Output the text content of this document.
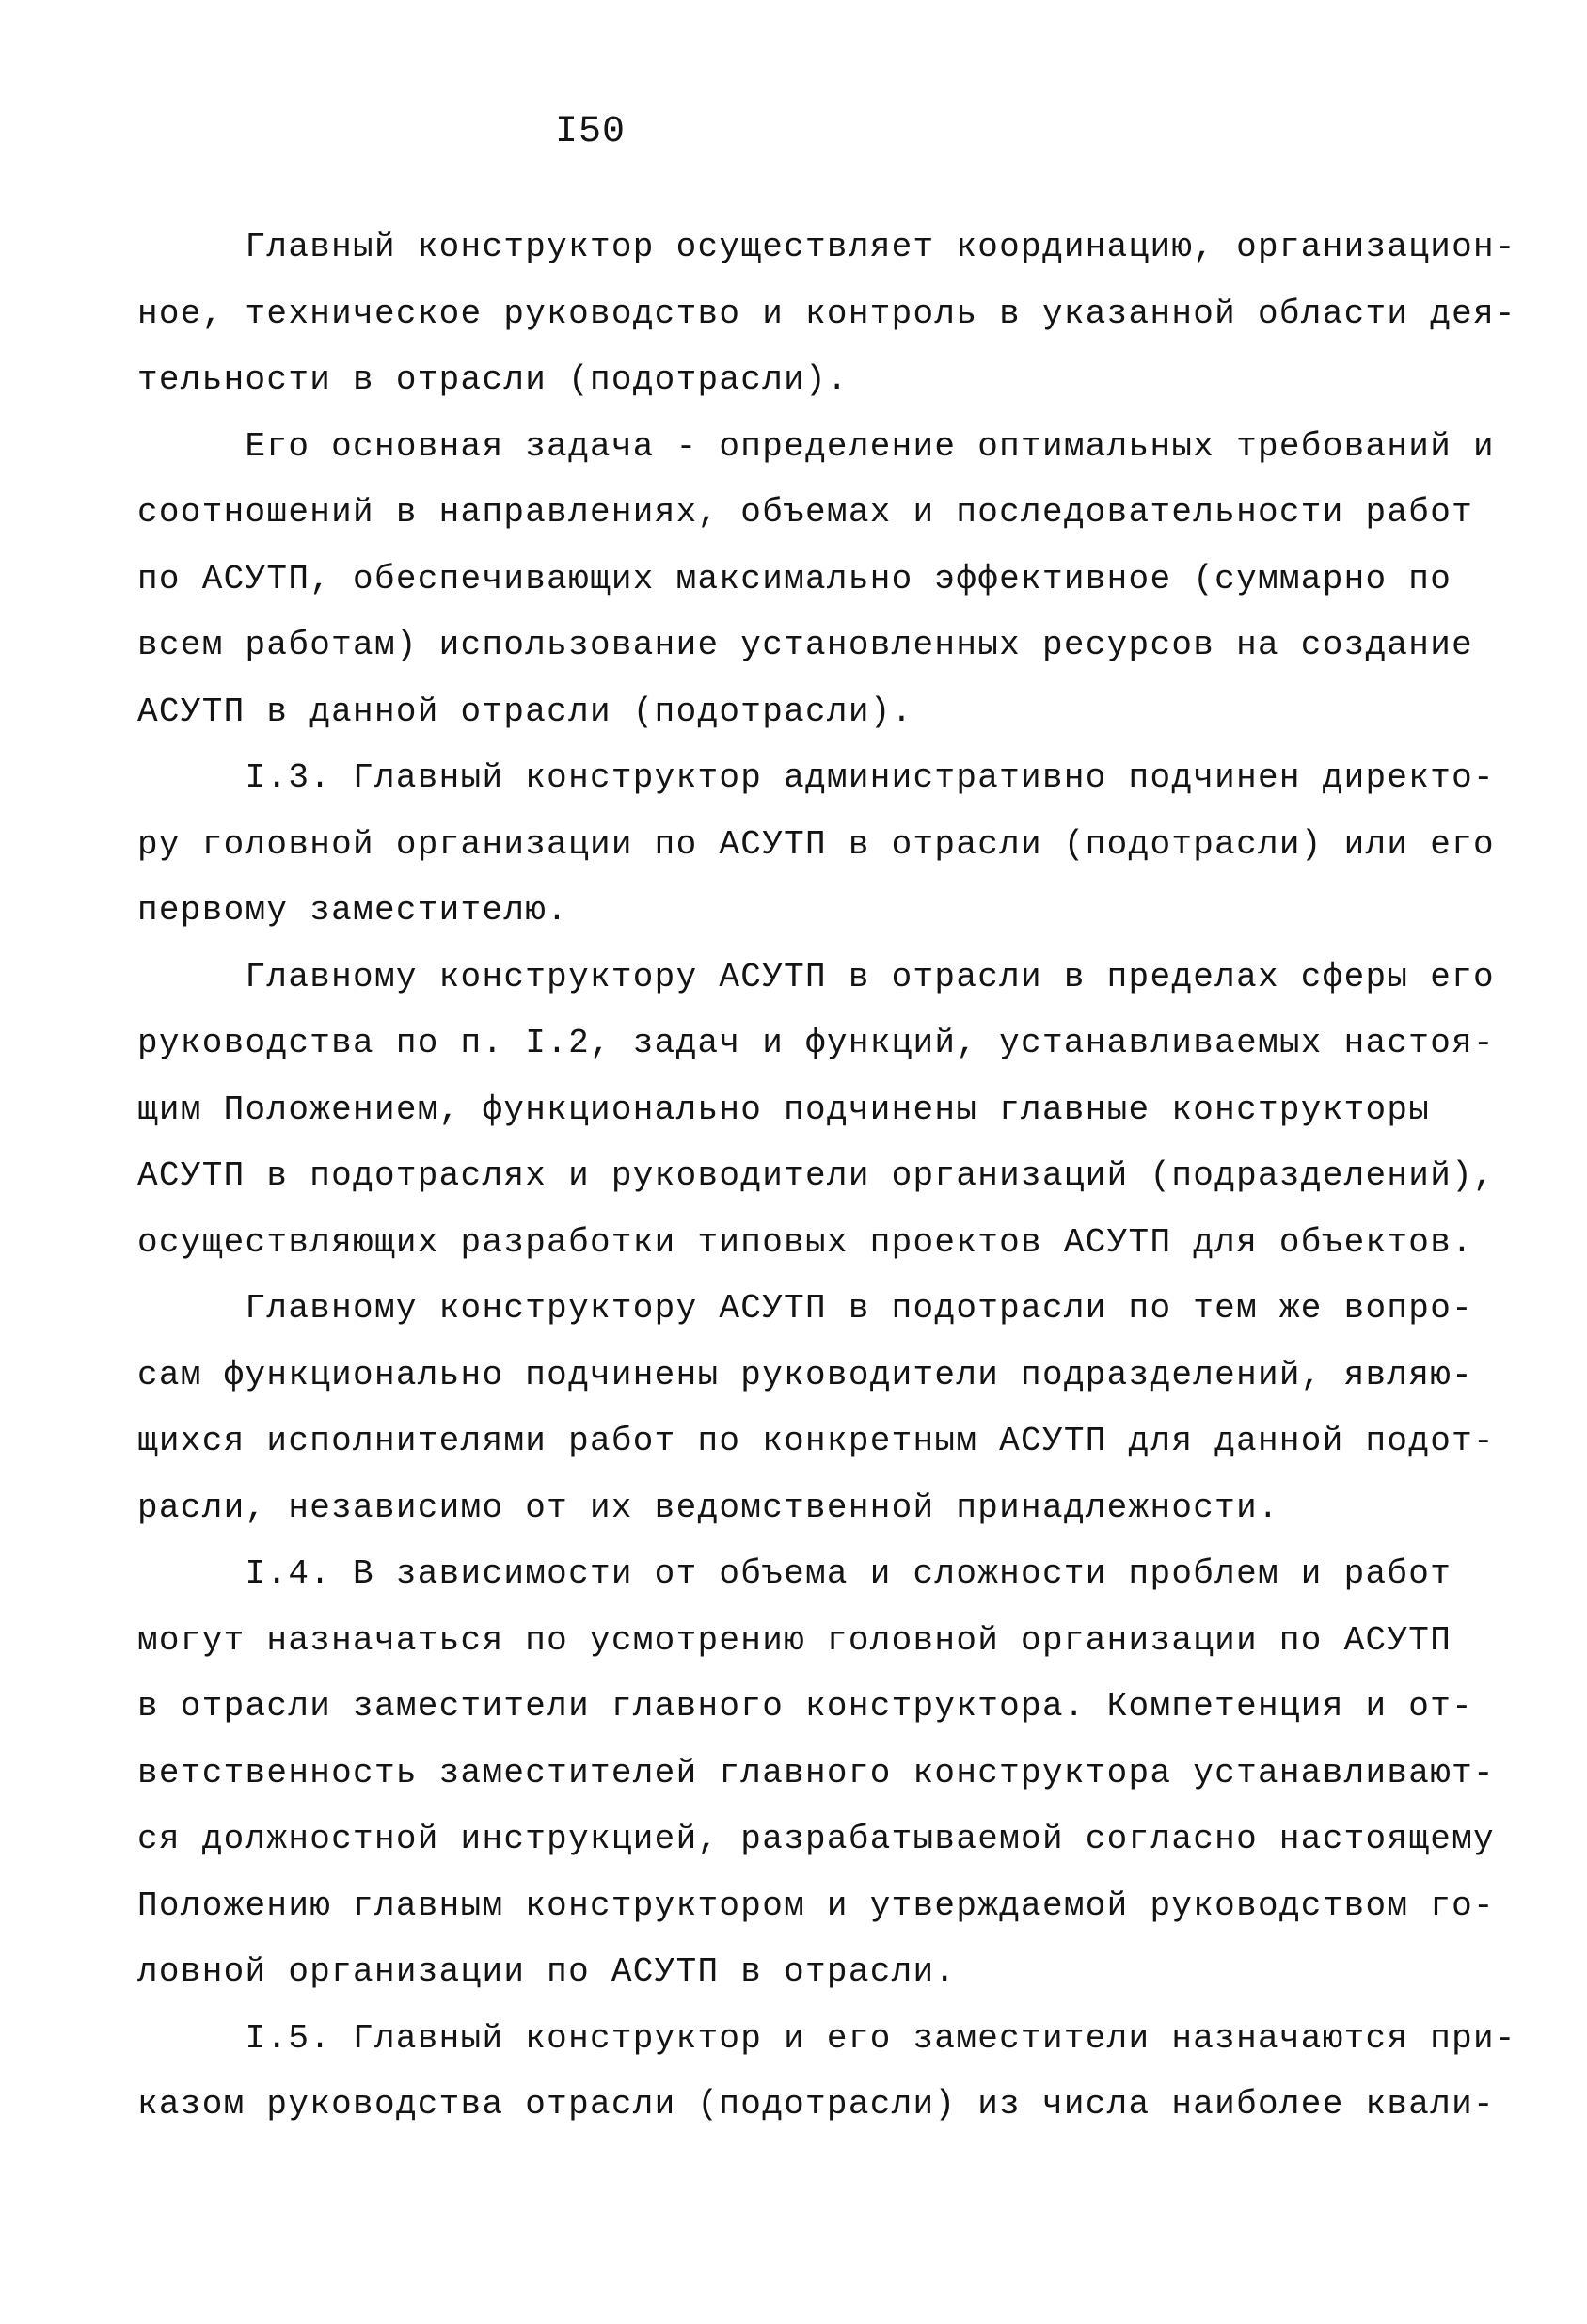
I50
Главный конструктор осуществляет координацию, организацион-
ное, техническое руководство и контроль в указанной области дея-
тельности в отрасли (подотрасли).
Его основная задача - определение оптимальных требований и
соотношений в направлениях, объемах и последовательности работ
по АСУТП, обеспечивающих максимально эффективное (суммарно по
всем работам) использование установленных ресурсов на создание
АСУТП в данной отрасли (подотрасли).
I.3. Главный конструктор административно подчинен директо-
ру головной организации по АСУТП в отрасли (подотрасли) или его
первому заместителю.
Главному конструктору АСУТП в отрасли в пределах сферы его
руководства по п. I.2, задач и функций, устанавливаемых настоя-
щим Положением, функционально подчинены главные конструкторы
АСУТП в подотраслях и руководители организаций (подразделений),
осуществляющих разработки типовых проектов АСУТП для объектов.
Главному конструктору АСУТП в подотрасли по тем же вопро-
сам функционально подчинены руководители подразделений, являю-
щихся исполнителями работ по конкретным АСУТП для данной подот-
расли, независимо от их ведомственной принадлежности.
I.4. В зависимости от объема и сложности проблем и работ
могут назначаться по усмотрению головной организации по АСУТП
в отрасли заместители главного конструктора. Компетенция и от-
ветственность заместителей главного конструктора устанавливают-
ся должностной инструкцией, разрабатываемой согласно настоящему
Положению главным конструктором и утверждаемой руководством го-
ловной организации по АСУТП в отрасли.
I.5. Главный конструктор и его заместители назначаются при-
казом руководства отрасли (подотрасли) из числа наиболее квали-
